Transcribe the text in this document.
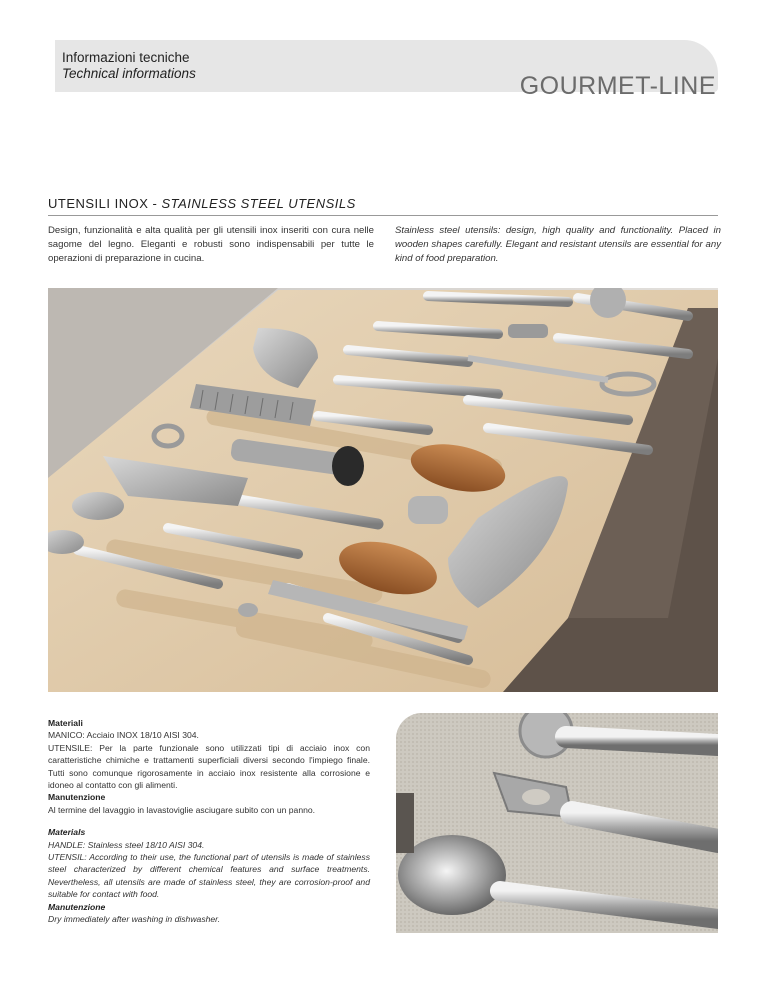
Informazioni tecniche
Technical informations	GOURMET-LINE
UTENSILI INOX - STAINLESS STEEL UTENSILS
Design, funzionalità e alta qualità per gli utensili inox inseriti con cura nelle sagome del legno. Eleganti e robusti sono indispensabili per tutte le operazioni di preparazione in cucina.
Stainless steel utensils: design, high quality and functionality. Placed in wooden shapes carefully. Elegant and resistant utensils are essential for any kind of food preparation.

Materiali

MANICO: Acciaio INOX 18/10 AISI 304.

UTENSILE: Per la parte funzionale sono utilizzati tipi di acciaio inox con caratteristiche chimiche e trattamenti superficiali diversi secondo l'impiego finale. Tutti sono comunque rigorosamente in acciaio inox resistente alla corrosione e idoneo al contatto con gli alimenti.

Manutenzione

Al termine del lavaggio in lavastoviglie asciugare subito con un panno.

Materials

HANDLE: Stainless steel 18/10 AISI 304.

UTENSIL: According to their use, the functional part of utensils is made of stainless steel characterized by different chemical features and surface treatments. Nevertheless, all utensils are made of stainless steel, they are corrosion-proof and suitable for contact with food.

Manutenzione

Dry immediately after washing in dishwasher.
